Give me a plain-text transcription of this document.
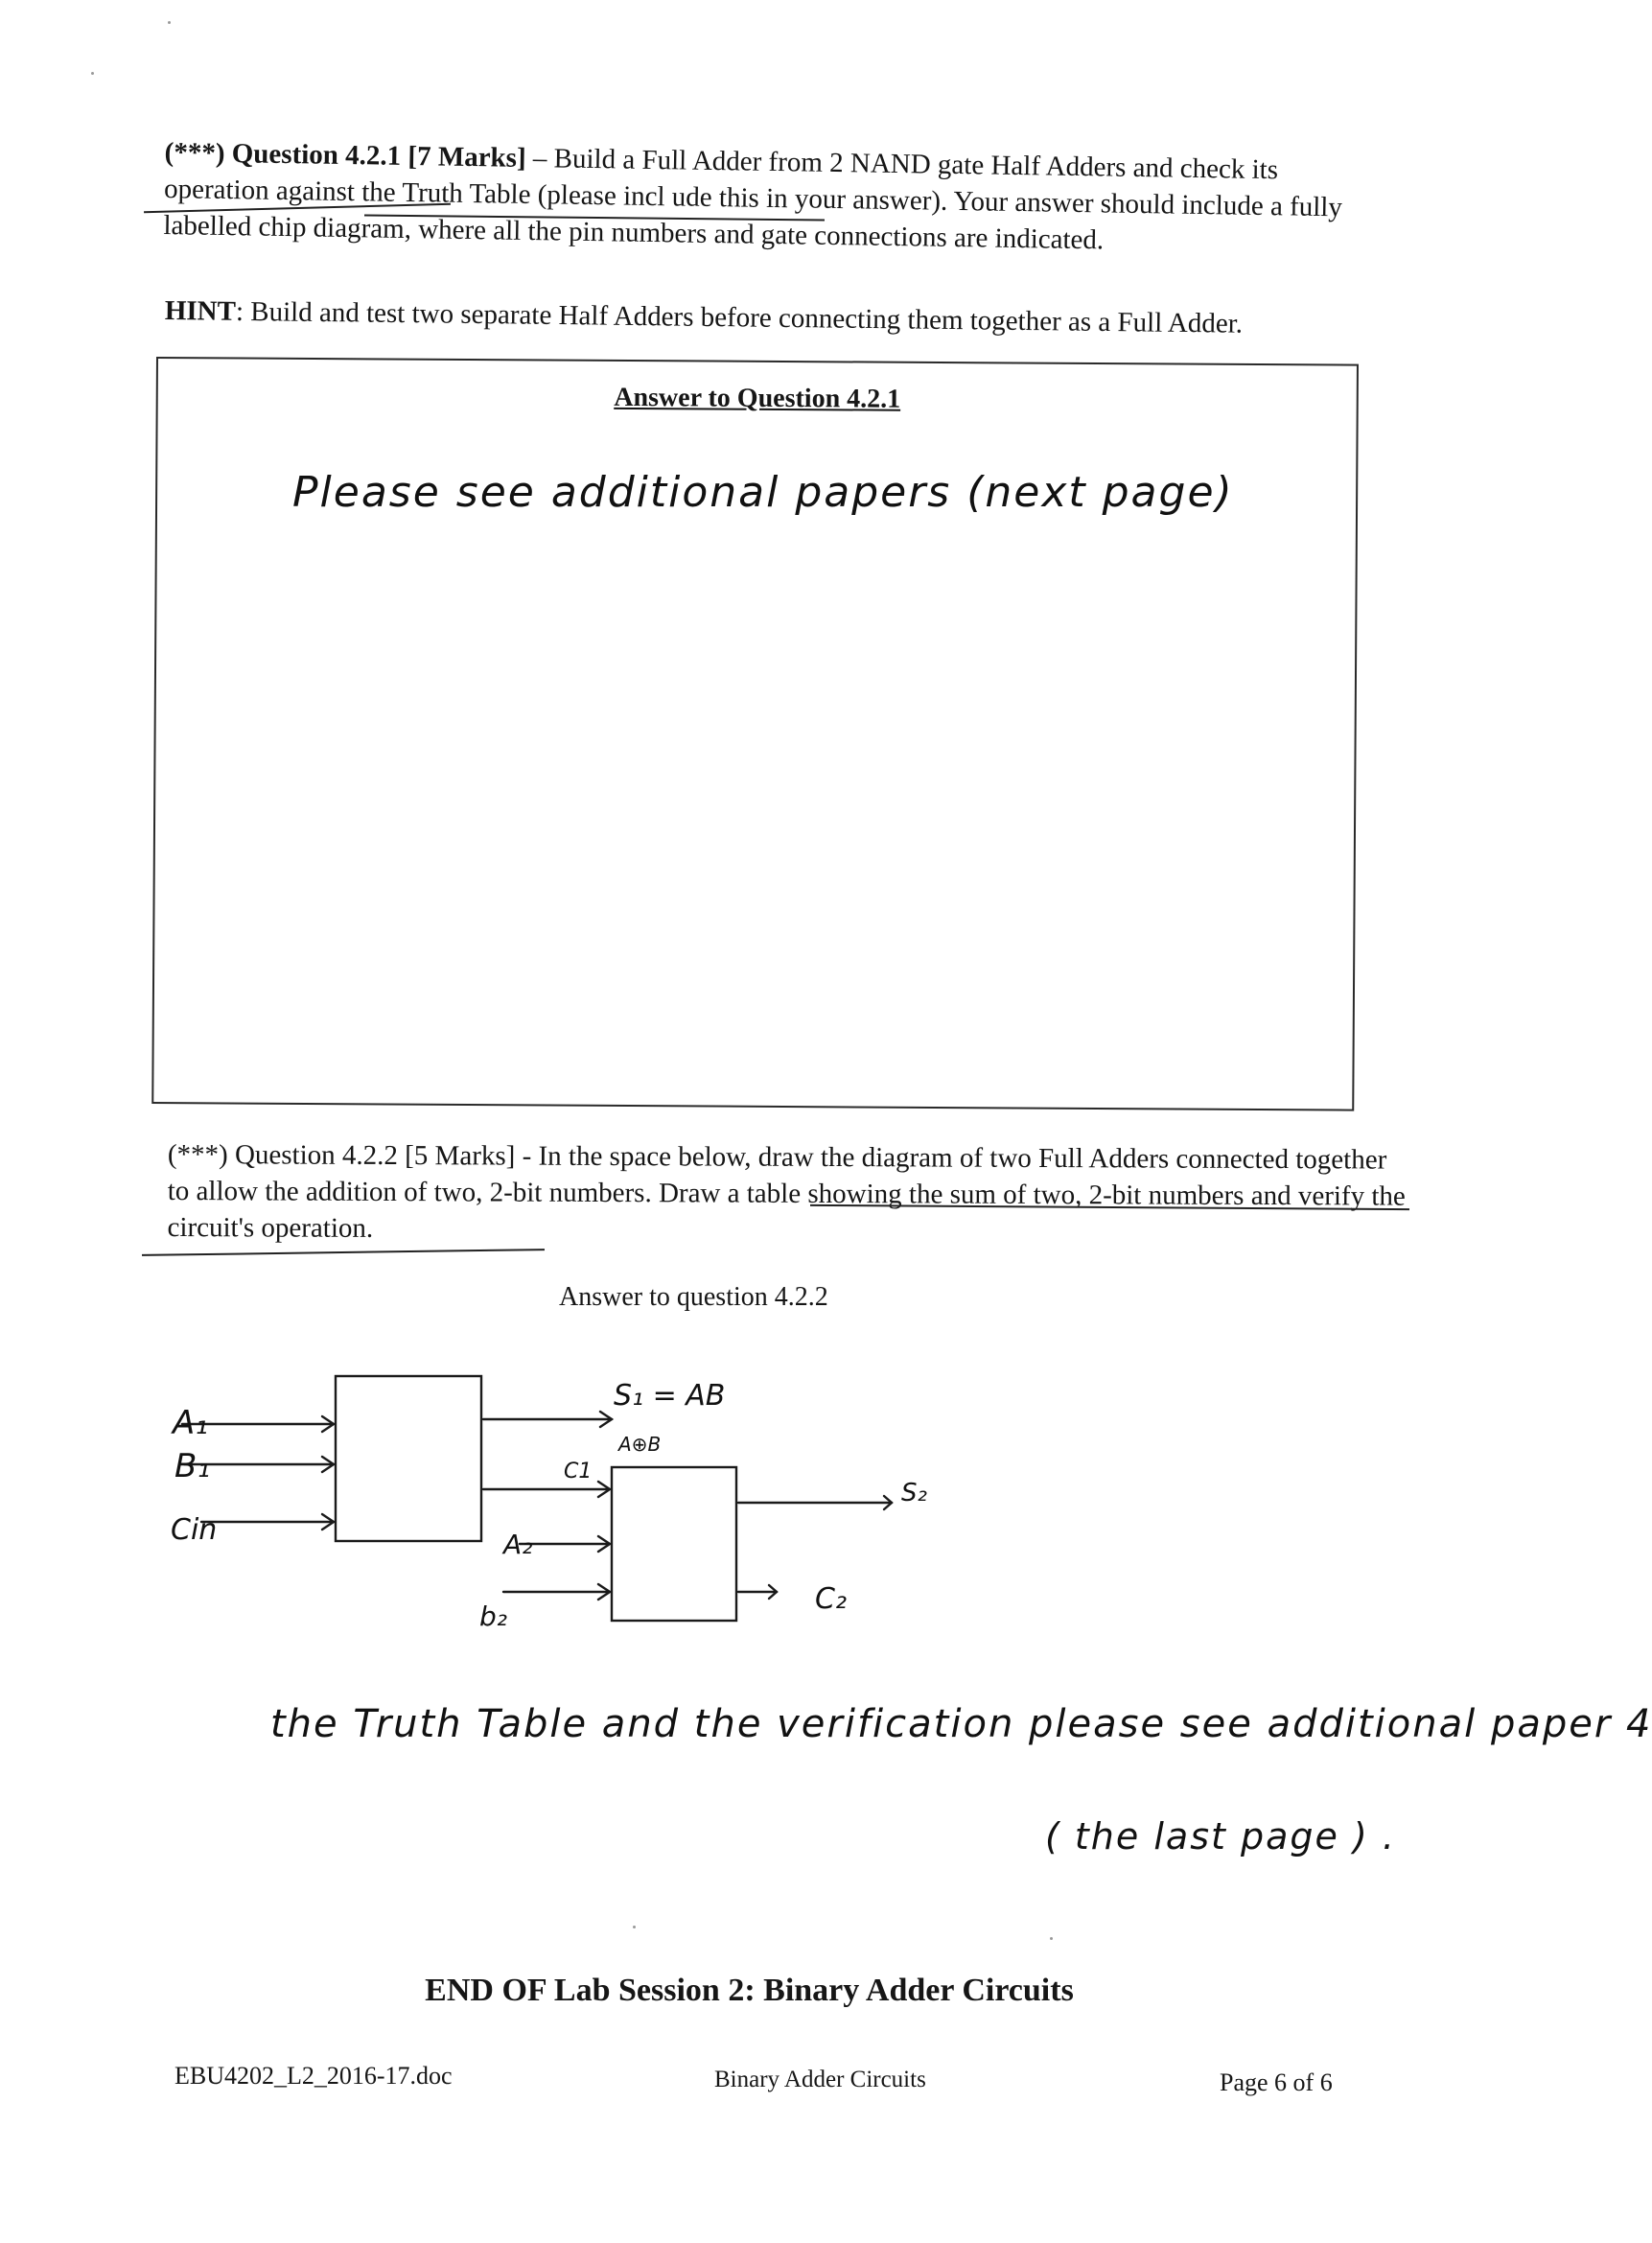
(***) Question 4.2.1 [7 Marks] – Build a Full Adder from 2 NAND gate Half Adders and check its operation against the Truth Table (please incl ude this in your answer). Your answer should include a fully labelled chip diagram, where all the pin numbers and gate connections are indicated.
HINT: Build and test two separate Half Adders before connecting them together as a Full Adder.
Answer to Question 4.2.1
Please see additional papers (next page)
(***) Question 4.2.2 [5 Marks] - In the space below, draw the diagram of two Full Adders connected together to allow the addition of two, 2-bit numbers. Draw a table showing the sum of two, 2-bit numbers and verify the circuit's operation.
Answer to question 4.2.2
A₁
B₁
Cin
S₁ = AB
A⊕B
C1
A₂
b₂
S₂
C₂
the Truth Table and the verification please see additional paper 4
( the last page ) .
END OF Lab Session 2: Binary Adder Circuits
EBU4202_L2_2016-17.doc	Binary Adder Circuits	Page 6 of 6
